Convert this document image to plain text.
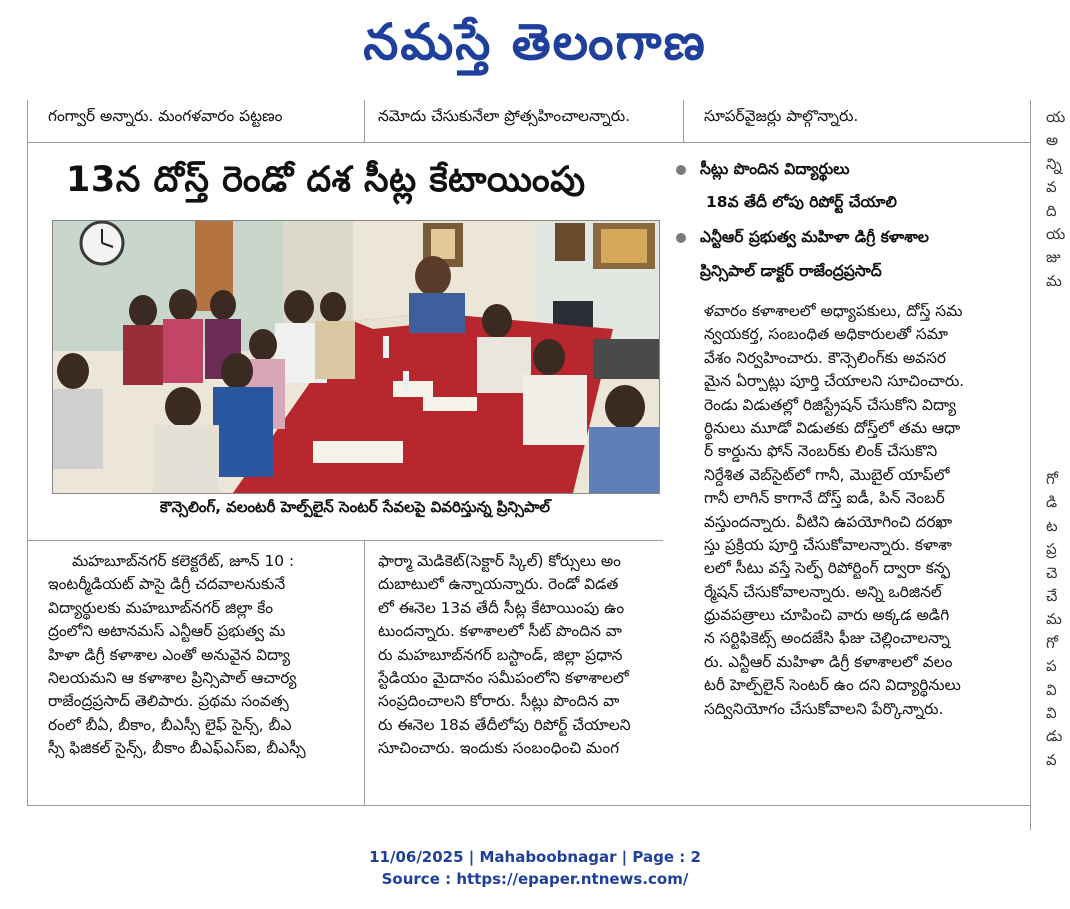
నమస్తే తెలంగాణ
గంగ్వార్ అన్నారు. మంగళవారం పట్టణం	నమోదు చేసుకునేలా ప్రోత్సహించాలన్నారు.	సూపర్‌వైజర్లు పాల్గొన్నారు.
13న దోస్త్ రెండో దశ సీట్ల కేటాయింపు	సీట్లు పొందిన విద్యార్థులు
18వ తేదీ లోపు రిపోర్ట్ చేయాలి
ఎన్టీఆర్ ప్రభుత్వ మహిళా డిగ్రీ కళాశాల
ప్రిన్సిపాల్ డాక్టర్ రాజేంద్రప్రసాద్
కౌన్సెలింగ్, వలంటరీ హెల్ప్‌లైన్ సెంటర్ సేవలపై వివరిస్తున్న ప్రిన్సిపాల్
మహబూబ్‌నగర్ కలెక్టరేట్, జూన్ 10 :
ఇంటర్మీడియట్ పాసై డిగ్రీ చదవాలనుకునే
విద్యార్థులకు మహబూబ్‌నగర్ జిల్లా కేం
ద్రంలోని అటానమస్ ఎన్టీఆర్ ప్రభుత్వ మ
హిళా డిగ్రీ కళాశాల ఎంతో అనువైన విద్యా
నిలయమని ఆ కళాశాల ప్రిన్సిపాల్ ఆచార్య
రాజేంద్రప్రసాద్ తెలిపారు. ప్రథమ సంవత్స
రంలో బీఏ, బీకాం, బీఎస్సీ లైఫ్ సైన్స్, బీఎ
స్సీ ఫిజికల్ సైన్స్, బీకాం బీఎఫ్ఎస్ఐ, బీఎస్సీ
ఫార్మా మెడికెట్(సెక్టార్ స్కిల్) కోర్సులు అం
దుబాటులో ఉన్నాయన్నారు. రెండో విడత
లో ఈనెల 13వ తేదీ సీట్ల కేటాయింపు ఉం
టుందన్నారు. కళాశాలలో సీట్ పొందిన వా
రు మహబూబ్‌నగర్ బస్టాండ్, జిల్లా ప్రధాన
స్టేడియం మైదానం సమీపంలోని కళాశాలలో
సంప్రదించాలని కోరారు. సీట్లు పొందిన వా
రు ఈనెల 18వ తేదీలోపు రిపోర్ట్ చేయాలని
సూచించారు. ఇందుకు సంబంధించి మంగ
ళవారం కళాశాలలో అధ్యాపకులు, దోస్త్ సమ
న్వయకర్త, సంబంధిత అధికారులతో సమా
వేశం నిర్వహించారు. కౌన్సెలింగ్‌కు అవసర
మైన ఏర్పాట్లు పూర్తి చేయాలని సూచించారు.
రెండు విడుతల్లో రిజిస్ట్రేషన్ చేసుకోని విద్యా
ర్థినులు మూడో విడుతకు దోస్త్‌లో తమ ఆధా
ర్ కార్డును ఫోన్ నెంబర్‌కు లింక్ చేసుకొని
నిర్దేశిత వెబ్‌సైట్‌లో గానీ, మొబైల్ యాప్‌లో
గానీ లాగిన్ కాగానే దోస్త్ ఐడీ, పిన్ నెంబర్
వస్తుందన్నారు. వీటిని ఉపయోగించి దరఖా
స్తు ప్రక్రియ పూర్తి చేసుకోవాలన్నారు. కళాశా
లలో సీటు వస్తే సెల్ఫ్ రిపోర్టింగ్ ద్వారా కన్ఫ
ర్మేషన్ చేసుకోవాలన్నారు. అన్ని ఒరిజినల్
ధ్రువపత్రాలు చూపించి వారు అక్కడ అడిగి
న సర్టిఫికెట్స్ అందజేసి ఫీజు చెల్లించాలన్నా
రు. ఎన్టీఆర్ మహిళా డిగ్రీ కళాశాలలో వలం
టరీ హెల్ప్‌లైన్ సెంటర్ ఉం దని విద్యార్థినులు
సద్వినియోగం చేసుకోవాలని పేర్కొన్నారు.
య
అ
న్ని
వ
ది
య
జు
మ
గో
డి
ట
ప్ర
చె
చే
మ
గో
ప
వి
వి
డు
వ
11/06/2025 | Mahaboobnagar | Page : 2
Source : https://epaper.ntnews.com/
